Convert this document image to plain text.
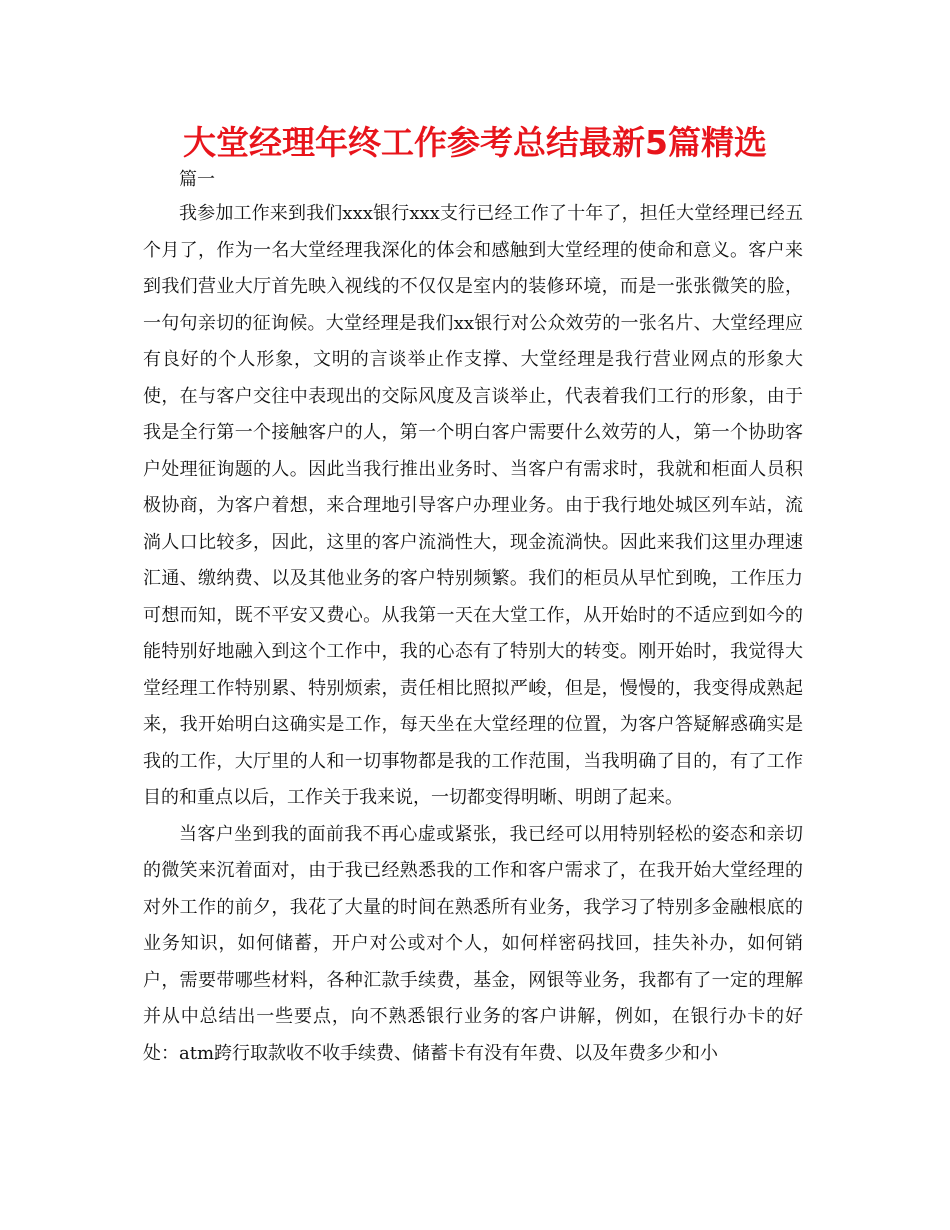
大堂经理年终工作参考总结最新5篇精选

篇一

我参加工作来到我们xxx银行xxx支行已经工作了十年了，担任大堂经理已经五个月了，作为一名大堂经理我深化的体会和感触到大堂经理的使命和意义。客户来到我们营业大厅首先映入视线的不仅仅是室内的装修环境，而是一张张微笑的脸，一句句亲切的征询候。大堂经理是我们xx银行对公众效劳的一张名片、大堂经理应有良好的个人形象，文明的言谈举止作支撑、大堂经理是我行营业网点的形象大使，在与客户交往中表现出的交际风度及言谈举止，代表着我们工行的形象，由于我是全行第一个接触客户的人，第一个明白客户需要什么效劳的人，第一个协助客户处理征询题的人。因此当我行推出业务时、当客户有需求时，我就和柜面人员积极协商，为客户着想，来合理地引导客户办理业务。由于我行地处城区列车站，流淌人口比较多，因此，这里的客户流淌性大，现金流淌快。因此来我们这里办理速汇通、缴纳费、以及其他业务的客户特别频繁。我们的柜员从早忙到晚，工作压力可想而知，既不平安又费心。从我第一天在大堂工作，从开始时的不适应到如今的能特别好地融入到这个工作中，我的心态有了特别大的转变。刚开始时，我觉得大堂经理工作特别累、特别烦索，责任相比照拟严峻，但是，慢慢的，我变得成熟起来，我开始明白这确实是工作，每天坐在大堂经理的位置，为客户答疑解惑确实是我的工作，大厅里的人和一切事物都是我的工作范围，当我明确了目的，有了工作目的和重点以后，工作关于我来说，一切都变得明晰、明朗了起来。

当客户坐到我的面前我不再心虚或紧张，我已经可以用特别轻松的姿态和亲切的微笑来沉着面对，由于我已经熟悉我的工作和客户需求了，在我开始大堂经理的对外工作的前夕，我花了大量的时间在熟悉所有业务，我学习了特别多金融根底的业务知识，如何储蓄，开户对公或对个人，如何样密码找回，挂失补办，如何销户，需要带哪些材料，各种汇款手续费，基金，网银等业务，我都有了一定的理解并从中总结出一些要点，向不熟悉银行业务的客户讲解，例如，在银行办卡的好处：atm跨行取款收不收手续费、储蓄卡有没有年费、以及年费多少和小
